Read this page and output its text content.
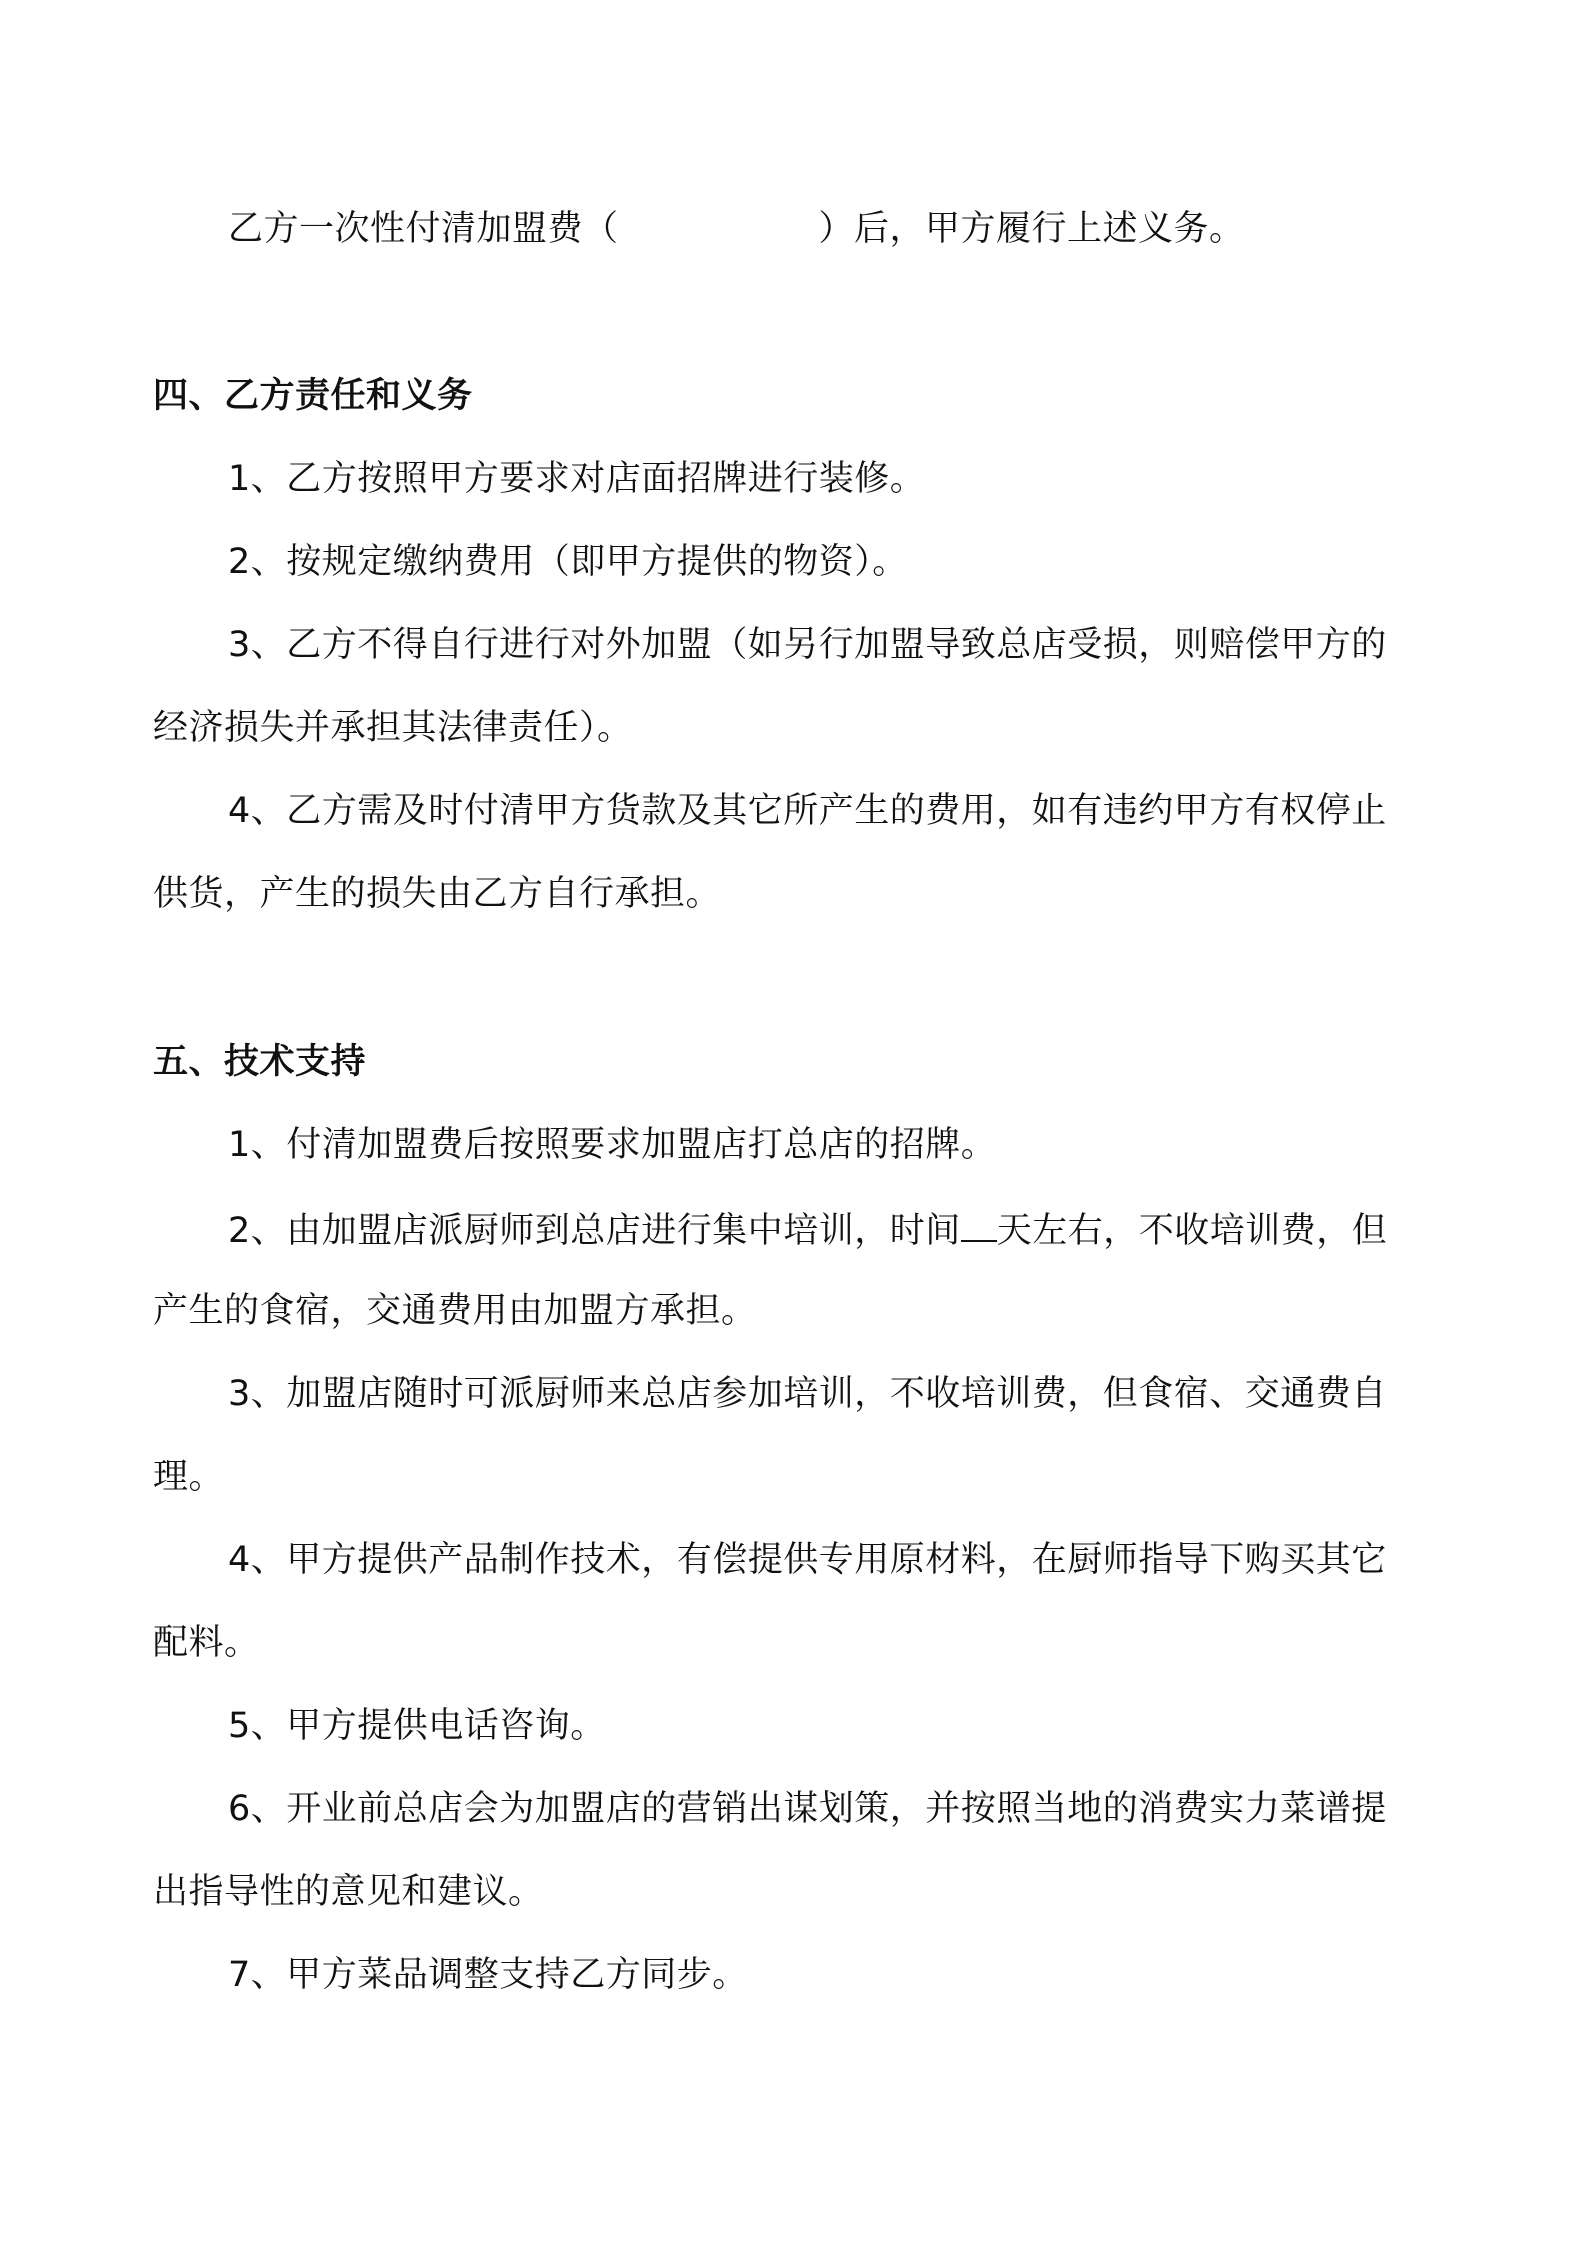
乙方一次性付清加盟费（	）后，甲方履行上述义务。
四、乙方责任和义务
1、乙方按照甲方要求对店面招牌进行装修。
2、按规定缴纳费用（即甲方提供的物资）。
3、乙方不得自行进行对外加盟（如另行加盟导致总店受损，则赔偿甲方的
经济损失并承担其法律责任）。
4、乙方需及时付清甲方货款及其它所产生的费用，如有违约甲方有权停止
供货，产生的损失由乙方自行承担。
五、技术支持
1、付清加盟费后按照要求加盟店打总店的招牌。
2、由加盟店派厨师到总店进行集中培训，时间 天左右，不收培训费，但
产生的食宿，交通费用由加盟方承担。
3、加盟店随时可派厨师来总店参加培训，不收培训费，但食宿、交通费自
理。
4、甲方提供产品制作技术，有偿提供专用原材料，在厨师指导下购买其它
配料。
5、甲方提供电话咨询。
6、开业前总店会为加盟店的营销出谋划策，并按照当地的消费实力菜谱提
出指导性的意见和建议。
7、甲方菜品调整支持乙方同步。
